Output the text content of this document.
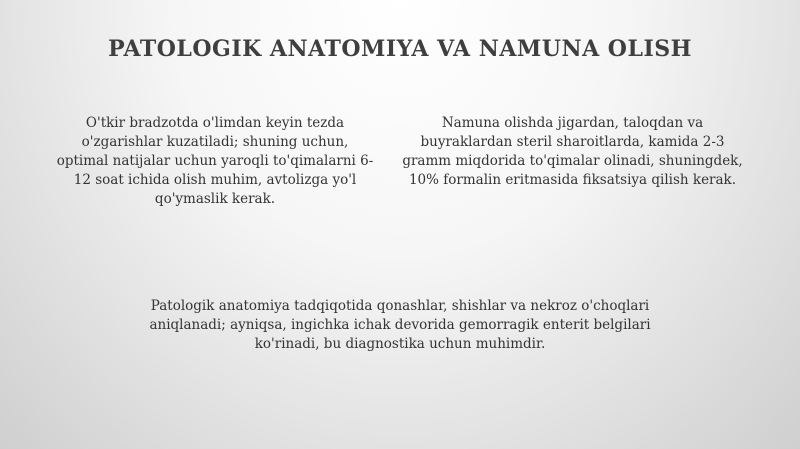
PATOLOGIK ANATOMIYA VA NAMUNA OLISH

O'tkir bradzotda o'limdan keyin tezda o'zgarishlar kuzatiladi; shuning uchun, optimal natijalar uchun yaroqli to'qimalarni 6-12 soat ichida olish muhim, avtolizga yo'l qo'ymaslik kerak.

Namuna olishda jigardan, taloqdan va buyraklardan steril sharoitlarda, kamida 2-3 gramm miqdorida to'qimalar olinadi, shuningdek, 10% formalin eritmasida fiksatsiya qilish kerak.

Patologik anatomiya tadqiqotida qonashlar, shishlar va nekroz o'choqlari aniqlanadi; ayniqsa, ingichka ichak devorida gemorragik enterit belgilari ko'rinadi, bu diagnostika uchun muhimdir.
